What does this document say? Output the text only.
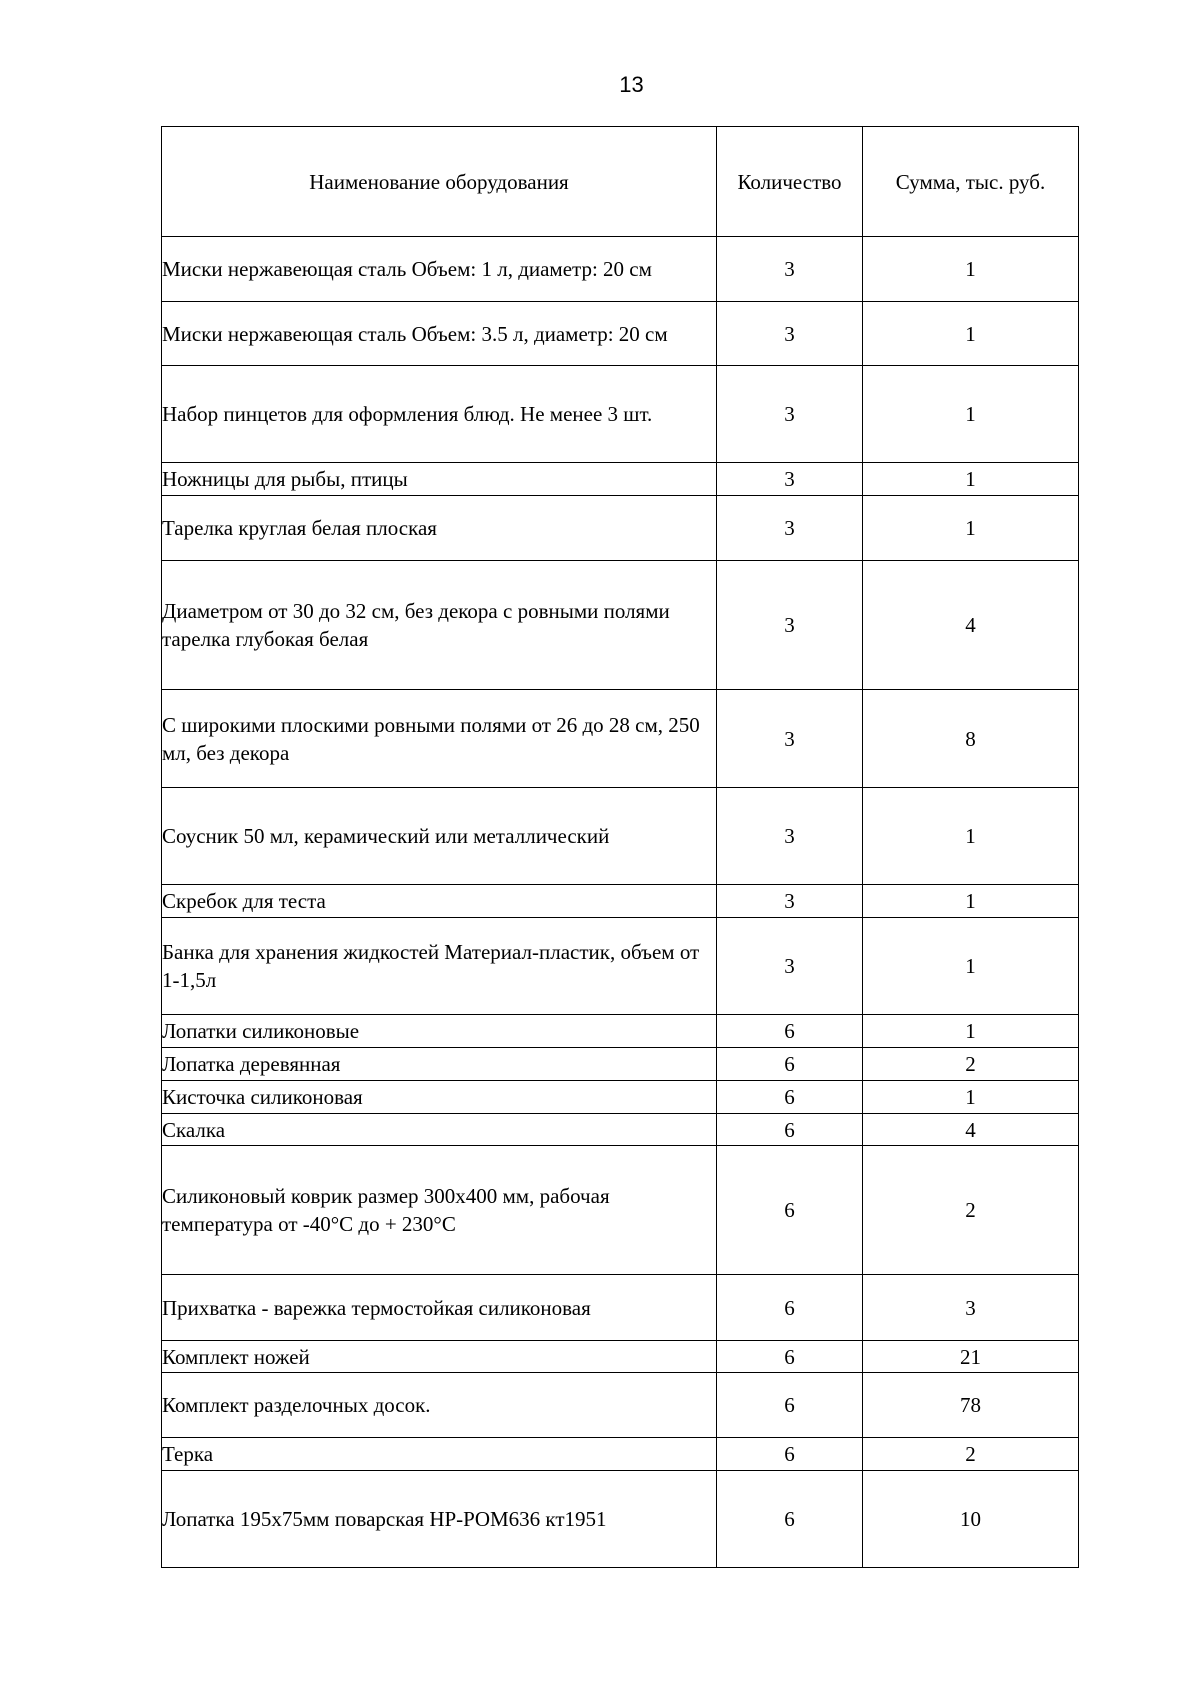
13
Наименование оборудования	Количество	Сумма, тыс. руб.

Миски нержавеющая сталь Объем: 1 л, диаметр: 20 см	3	1
Миски нержавеющая сталь Объем: 3.5 л, диаметр: 20 см	3	1
Набор пинцетов для оформления блюд. Не менее 3 шт.	3	1
Ножницы для рыбы, птицы	3	1
Тарелка круглая белая плоская	3	1
Диаметром от 30 до 32 см, без декора с ровными полями тарелка глубокая белая	3	4
С широкими плоскими ровными полями от 26 до 28 см, 250 мл, без декора	3	8
Соусник 50 мл, керамический или металлический	3	1
Скребок для теста	3	1
Банка для хранения жидкостей Материал-пластик, объем от 1-1,5л	3	1
Лопатки силиконовые	6	1
Лопатка деревянная	6	2
Кисточка силиконовая	6	1
Скалка	6	4
Силиконовый коврик размер 300х400 мм, рабочая температура от -40°С до + 230°С	6	2
Прихватка - варежка термостойкая силиконовая	6	3
Комплект ножей	6	21
Комплект разделочных досок.	6	78
Терка	6	2
Лопатка 195х75мм поварская HP-POM636 кт1951	6	10
